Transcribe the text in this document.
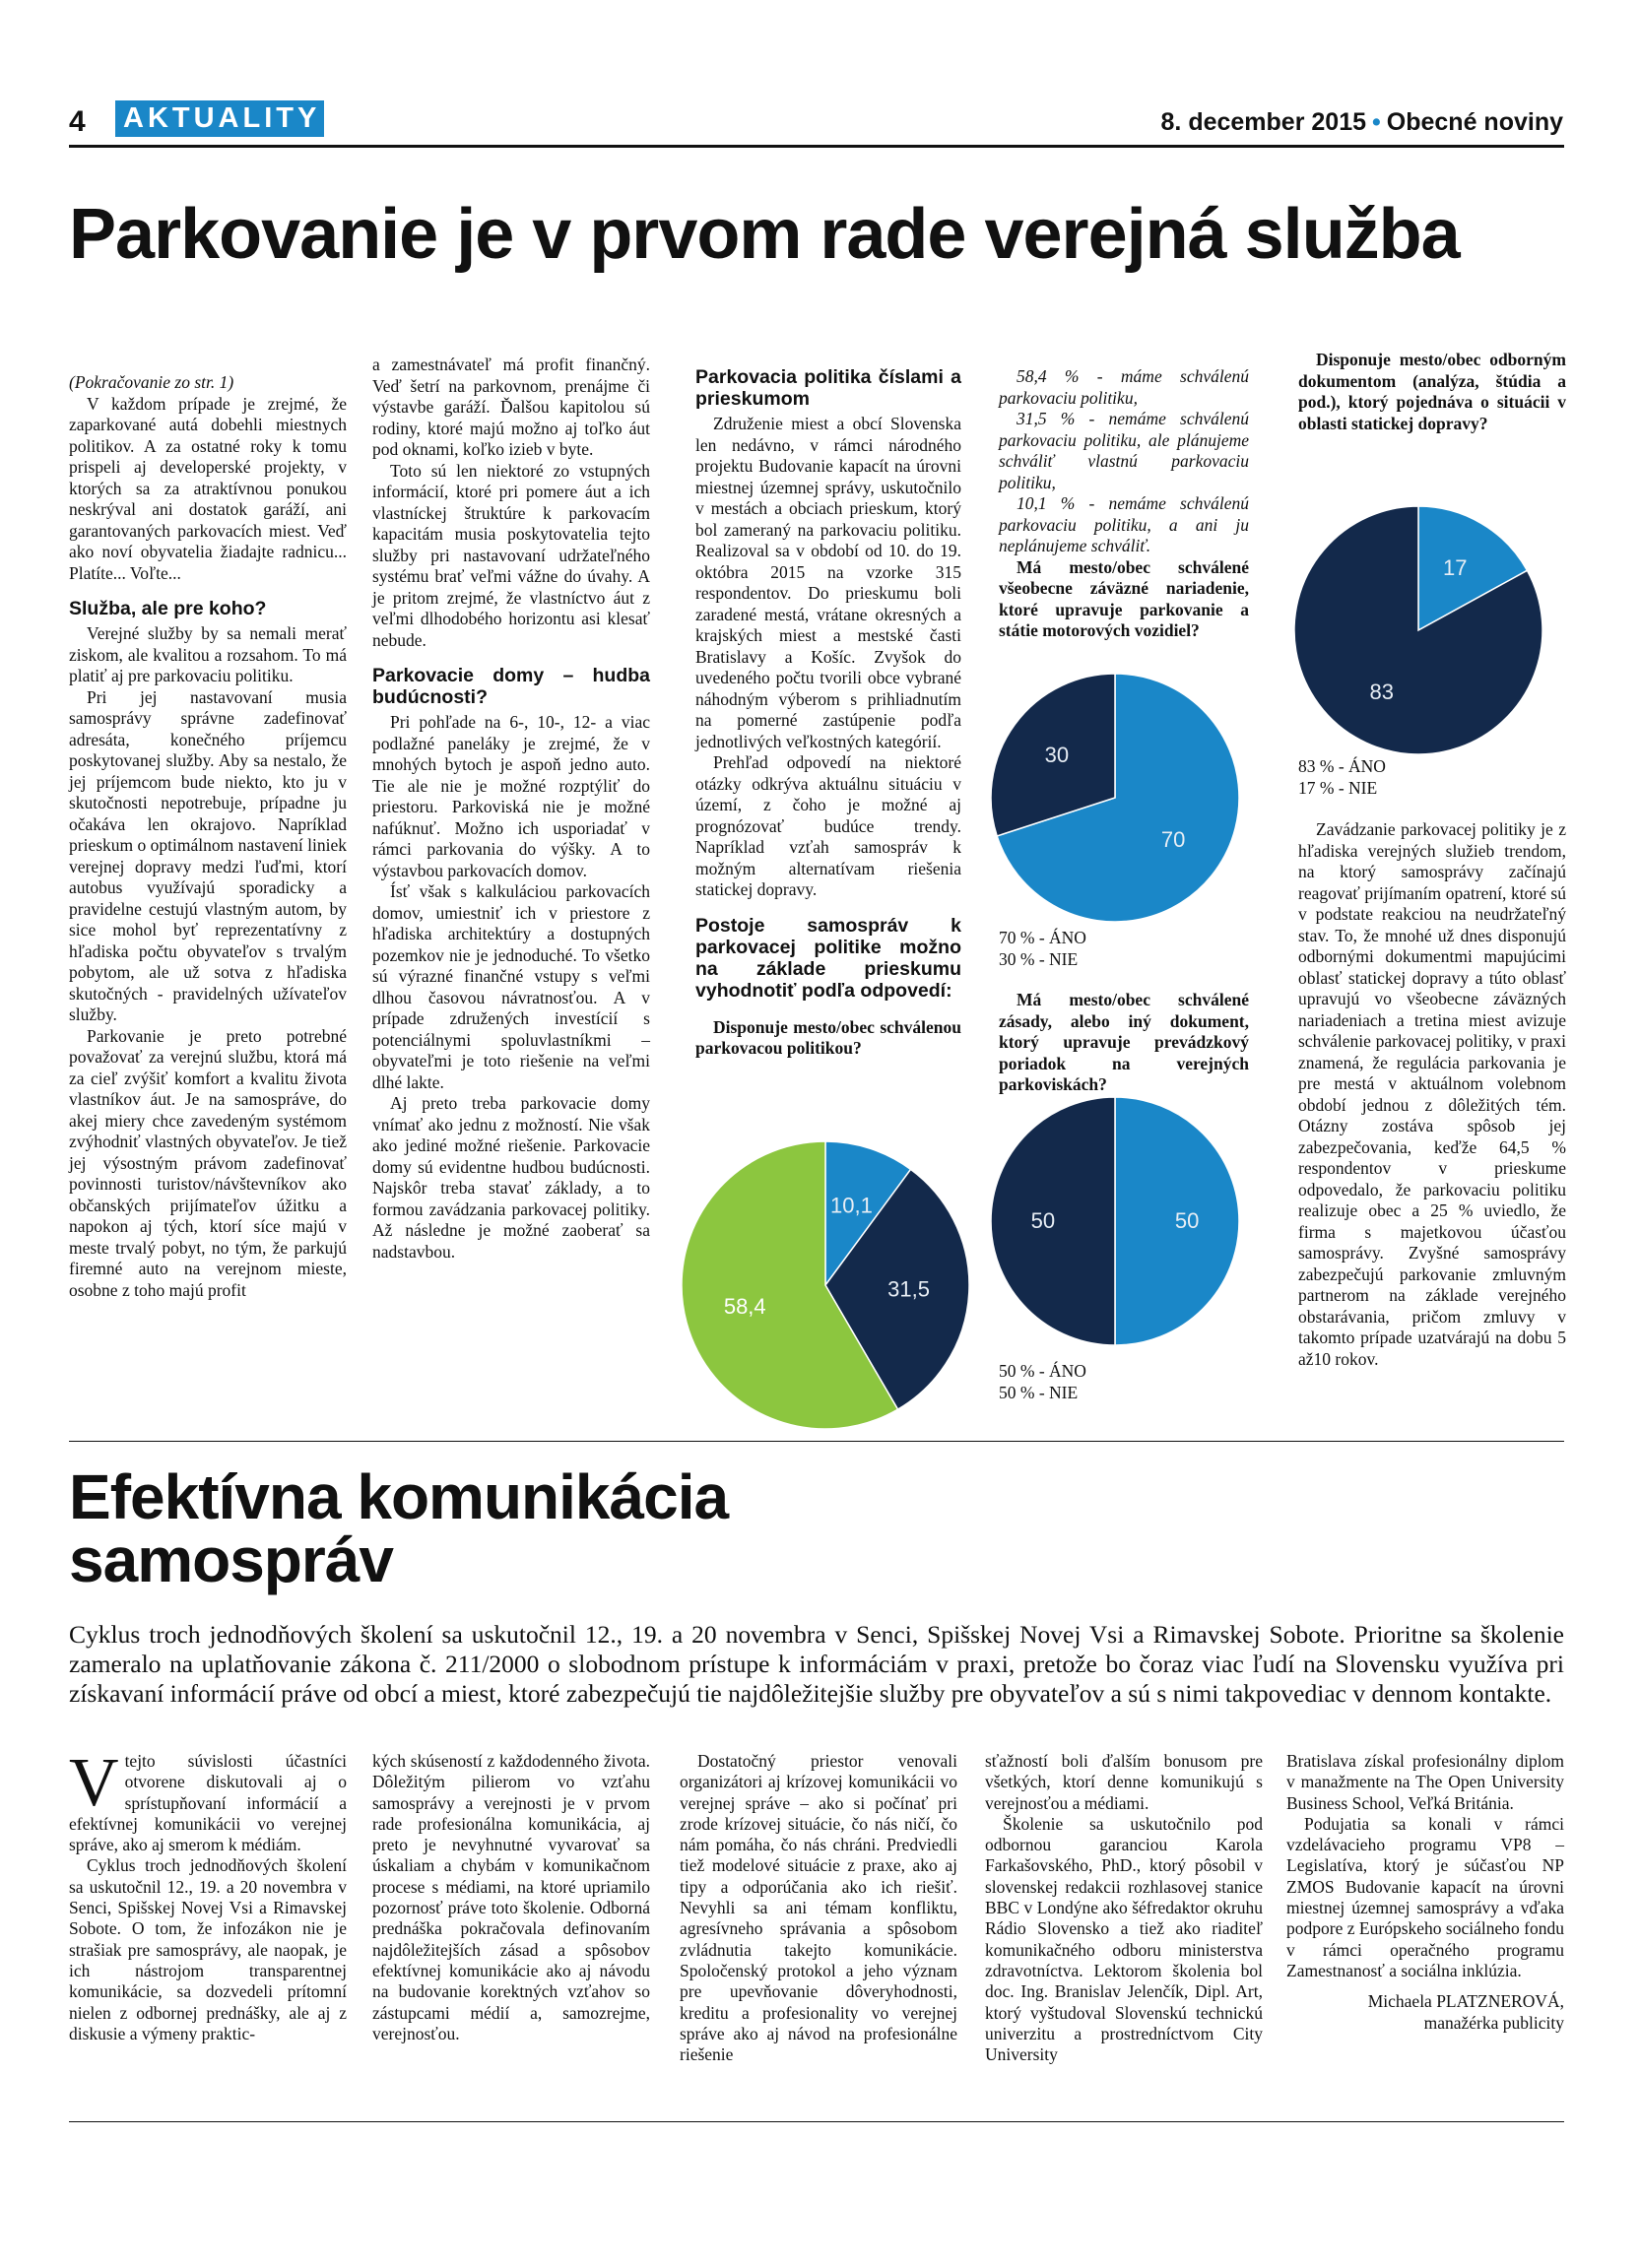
4 AKTUALITY	8. december 2015 • Obecné noviny
Parkovanie je v prvom rade verejná služba

(Pokračovanie zo str. 1)

V každom prípade je zrejmé, že zaparkované autá dobehli miestnych politikov. A za ostatné roky k tomu prispeli aj developerské projekty, v ktorých sa za atraktívnou ponukou neskrýval ani dostatok garáží, ani garantovaných parkovacích miest. Veď ako noví obyvatelia žiadajte radnicu... Platíte... Voľte...

Služba, ale pre koho?

Verejné služby by sa nemali merať ziskom, ale kvalitou a rozsahom. To má platiť aj pre parkovaciu politiku.

Pri jej nastavovaní musia samosprávy správne zadefinovať adresáta, konečného príjemcu poskytovanej služby. Aby sa nestalo, že jej príjemcom bude niekto, kto ju v skutočnosti nepotrebuje, prípadne ju očakáva len okrajovo. Napríklad prieskum o optimálnom nastavení liniek verejnej dopravy medzi ľuďmi, ktorí autobus využívajú sporadicky a pravidelne cestujú vlastným autom, by sice mohol byť reprezentatívny z hľadiska počtu obyvateľov s trvalým pobytom, ale už sotva z hľadiska skutočných - pravidelných užívateľov služby.

Parkovanie je preto potrebné považovať za verejnú službu, ktorá má za cieľ zvýšiť komfort a kvalitu života vlastníkov áut. Je na samospráve, do akej miery chce zavedeným systémom zvýhodniť vlastných obyvateľov. Je tiež jej výsostným právom zadefinovať povinnosti turistov/návštevníkov ako občanských prijímateľov úžitku a napokon aj tých, ktorí síce majú v meste trvalý pobyt, no tým, že parkujú firemné auto na verejnom mieste, osobne z toho majú profit

a zamestnávateľ má profit finančný. Veď šetrí na parkovnom, prenájme či výstavbe garáží. Ďalšou kapitolou sú rodiny, ktoré majú možno aj toľko áut pod oknami, koľko izieb v byte.

Toto sú len niektoré zo vstupných informácií, ktoré pri pomere áut a ich vlastníckej štruktúre k parkovacím kapacitám musia poskytovatelia tejto služby pri nastavovaní udržateľného systému brať veľmi vážne do úvahy. A je pritom zrejmé, že vlastníctvo áut z veľmi dlhodobého horizontu asi klesať nebude.

Parkovacie domy – hudba budúcnosti?

Pri pohľade na 6-, 10-, 12- a viac podlažné paneláky je zrejmé, že v mnohých bytoch je aspoň jedno auto. Tie ale nie je možné rozptýliť do priestoru. Parkoviská nie je možné nafúknuť. Možno ich usporiadať v rámci parkovania do výšky. A to výstavbou parkovacích domov.

Ísť však s kalkuláciou parkovacích domov, umiestniť ich v priestore z hľadiska architektúry a dostupných pozemkov nie je jednoduché. To všetko sú výrazné finančné vstupy s veľmi dlhou časovou návratnosťou. A v prípade združených investícií s potenciálnymi spoluvlastníkmi – obyvateľmi je toto riešenie na veľmi dlhé lakte.

Aj preto treba parkovacie domy vnímať ako jednu z možností. Nie však ako jediné možné riešenie. Parkovacie domy sú evidentne hudbou budúcnosti. Najskôr treba stavať základy, a to formou zavádzania parkovacej politiky. Až následne je možné zaoberať sa nadstavbou.

Parkovacia politika číslami a prieskumom

Združenie miest a obcí Slovenska len nedávno, v rámci národného projektu Budovanie kapacít na úrovni miestnej územnej správy, uskutočnilo v mestách a obciach prieskum, ktorý bol zameraný na parkovaciu politiku. Realizoval sa v období od 10. do 19. októbra 2015 na vzorke 315 respondentov. Do prieskumu boli zaradené mestá, vrátane okresných a krajských miest a mestské časti Bratislavy a Košíc. Zvyšok do uvedeného počtu tvorili obce vybrané náhodným výberom s prihliadnutím na pomerné zastúpenie podľa jednotlivých veľkostných kategórií.

Prehľad odpovedí na niektoré otázky odkrýva aktuálnu situáciu v území, z čoho je možné aj prognózovať budúce trendy. Napríklad vzťah samospráv k možným alternatívam riešenia statickej dopravy.

Postoje samospráv k parkovacej politike možno na základe prieskumu vyhodnotiť podľa odpovedí:

Disponuje mesto/obec schválenou parkovacou politikou?

58,4 % - máme schválenú parkovaciu politiku,

31,5 % - nemáme schválenú parkovaciu politiku, ale plánujeme schváliť vlastnú parkovaciu politiku,

10,1 % - nemáme schválenú parkovaciu politiku, a ani ju neplánujeme schváliť.

Má mesto/obec schválené všeobecne záväzné nariadenie, ktoré upravuje parkovanie a státie motorových vozidiel?

70 % - ÁNO
30 % - NIE
Má mesto/obec schválené zásady, alebo iný dokument, ktorý upravuje prevádzkový poriadok na verejných parkoviskách?
50 % - ÁNO
50 % - NIE

Disponuje mesto/obec odborným dokumentom (analýza, štúdia a pod.), ktorý pojednáva o situácii v oblasti statickej dopravy?

83 % - ÁNO
17 % - NIE

Zavádzanie parkovacej politiky je z hľadiska verejných služieb trendom, na ktorý samosprávy začínajú reagovať prijímaním opatrení, ktoré sú v podstate reakciou na neudržateľný stav. To, že mnohé už dnes disponujú odbornými dokumentmi mapujúcimi oblasť statickej dopravy a túto oblasť upravujú vo všeobecne záväzných nariadeniach a tretina miest avizuje schválenie parkovacej politiky, v praxi znamená, že regulácia parkovania je pre mestá v aktuálnom volebnom období jednou z dôležitých tém. Otázny zostáva spôsob jej zabezpečovania, keďže 64,5 % respondentov v prieskume odpovedalo, že parkovaciu politiku realizuje obec a 25 % uviedlo, že firma s majetkovou účasťou samosprávy. Zvyšné samosprávy zabezpečujú parkovanie zmluvným partnerom na základe verejného obstarávania, pričom zmluvy v takomto prípade uzatvárajú na dobu 5 až10 rokov.

10,1
31,5
58,4
70
30
50
50
17
83
Efektívna komunikácia samospráv
Cyklus troch jednodňových školení sa uskutočnil 12., 19. a 20 novembra v Senci, Spišskej Novej Vsi a Rimavskej Sobote. Prioritne sa školenie zameralo na uplatňovanie zákona č. 211/2000 o slobodnom prístupe k informáciám v praxi, pretože bo čoraz viac ľudí na Slovensku využíva pri získavaní informácií práve od obcí a miest, ktoré zabezpečujú tie najdôležitejšie služby pre obyvateľov a sú s nimi takpovediac v dennom kontakte.

Vtejto súvislosti účastníci otvorene diskutovali aj o sprístupňovaní informácií a efektívnej komunikácii vo verejnej správe, ako aj smerom k médiám.

Cyklus troch jednodňových školení sa uskutočnil 12., 19. a 20 novembra v Senci, Spišskej Novej Vsi a Rimavskej Sobote. O tom, že infozákon nie je strašiak pre samosprávy, ale naopak, je ich nástrojom transparentnej komunikácie, sa dozvedeli prítomní nielen z odbornej prednášky, ale aj z diskusie a výmeny praktic-

kých skúseností z každodenného života. Dôležitým pilierom vo vzťahu samosprávy a verejnosti je v prvom rade profesionálna komunikácia, aj preto je nevyhnutné vyvarovať sa úskaliam a chybám v komunikačnom procese s médiami, na ktoré upriamilo pozornosť práve toto školenie. Odborná prednáška pokračovala definovaním najdôležitejších zásad a spôsobov efektívnej komunikácie ako aj návodu na budovanie korektných vzťahov so zástupcami médií a, samozrejme, verejnosťou.

Dostatočný priestor venovali organizátori aj krízovej komunikácii vo verejnej správe – ako si počínať pri zrode krízovej situácie, čo nás ničí, čo nám pomáha, čo nás chráni. Predviedli tiež modelové situácie z praxe, ako aj tipy a odporúčania ako ich riešiť. Nevyhli sa ani témam konfliktu, agresívneho správania a spôsobom zvládnutia takejto komunikácie. Spoločenský protokol a jeho význam pre upevňovanie dôveryhodnosti, kreditu a profesionality vo verejnej správe ako aj návod na profesionálne riešenie

sťažností boli ďalším bonusom pre všetkých, ktorí denne komunikujú s verejnosťou a médiami.

Školenie sa uskutočnilo pod odbornou garanciou Karola Farkašovského, PhD., ktorý pôsobil v slovenskej redakcii rozhlasovej stanice BBC v Londýne ako šéfredaktor okruhu Rádio Slovensko a tiež ako riaditeľ komunikačného odboru ministerstva zdravotníctva. Lektorom školenia bol doc. Ing. Branislav Jelenčík, Dipl. Art, ktorý vyštudoval Slovenskú technickú univerzitu a prostredníctvom City University

Bratislava získal profesionálny diplom v manažmente na The Open University Business School, Veľká Británia.

Podujatia sa konali v rámci vzdelávacieho programu VP8 – Legislatíva, ktorý je súčasťou NP ZMOS Budovanie kapacít na úrovni miestnej územnej samosprávy a vďaka podpore z Európskeho sociálneho fondu v rámci operačného programu Zamestnanosť a sociálna inklúzia.

Michaela PLATZNEROVÁ,

manažérka publicity
